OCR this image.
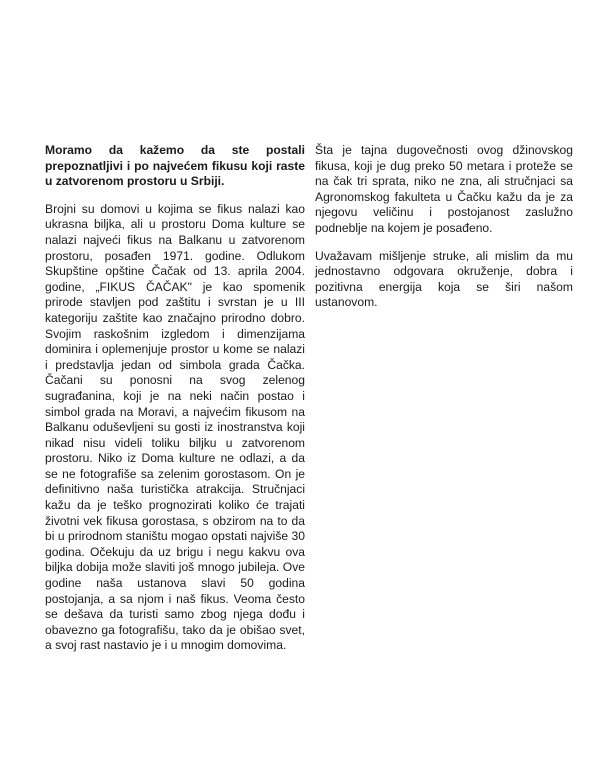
Moramo da kažemo da ste postali prepoznatljivi i po najvećem fikusu koji raste u zatvorenom prostoru u Srbiji.

Brojni su domovi u kojima se fikus nalazi kao ukrasna biljka, ali u prostoru Doma kulture se nalazi najveći fikus na Balkanu u zatvorenom prostoru, posađen 1971. godine. Odlukom Skupštine opštine Čačak od 13. aprila 2004. godine, „FIKUS ČAČAK" je kao spomenik prirode stavljen pod zaštitu i svrstan je u III kategoriju zaštite kao značajno prirodno dobro. Svojim raskošnim izgledom i dimenzijama dominira i oplemenjuje prostor u kome se nalazi i predstavlja jedan od simbola grada Čačka. Čačani su ponosni na svog zelenog sugrađanina, koji je na neki način postao i simbol grada na Moravi, a najvećim fikusom na Balkanu oduševljeni su gosti iz inostranstva koji nikad nisu videli toliku biljku u zatvorenom prostoru. Niko iz Doma kulture ne odlazi, a da se ne fotografiše sa zelenim gorostasom. On je definitivno naša turistička atrakcija. Stručnjaci kažu da je teško prognozirati koliko će trajati životni vek fikusa gorostasa, s obzirom na to da bi u prirodnom staništu mogao opstati najviše 30 godina. Očekuju da uz brigu i negu kakvu ova biljka dobija može slaviti još mnogo jubileja. Ove godine naša ustanova slavi 50 godina postojanja, a sa njom i naš fikus. Veoma često se dešava da turisti samo zbog njega dođu i obavezno ga fotografišu, tako da je obišao svet, a svoj rast nastavio je i u mnogim domovima.

Šta je tajna dugovečnosti ovog džinovskog fikusa, koji je dug preko 50 metara i proteže se na čak tri sprata, niko ne zna, ali stručnjaci sa Agronomskog fakulteta u Čačku kažu da je za njegovu veličinu i postojanost zaslužno podneblje na kojem je posađeno.

Uvažavam mišljenje struke, ali mislim da mu jednostavno odgovara okruženje, dobra i pozitivna energija koja se širi našom ustanovom.
